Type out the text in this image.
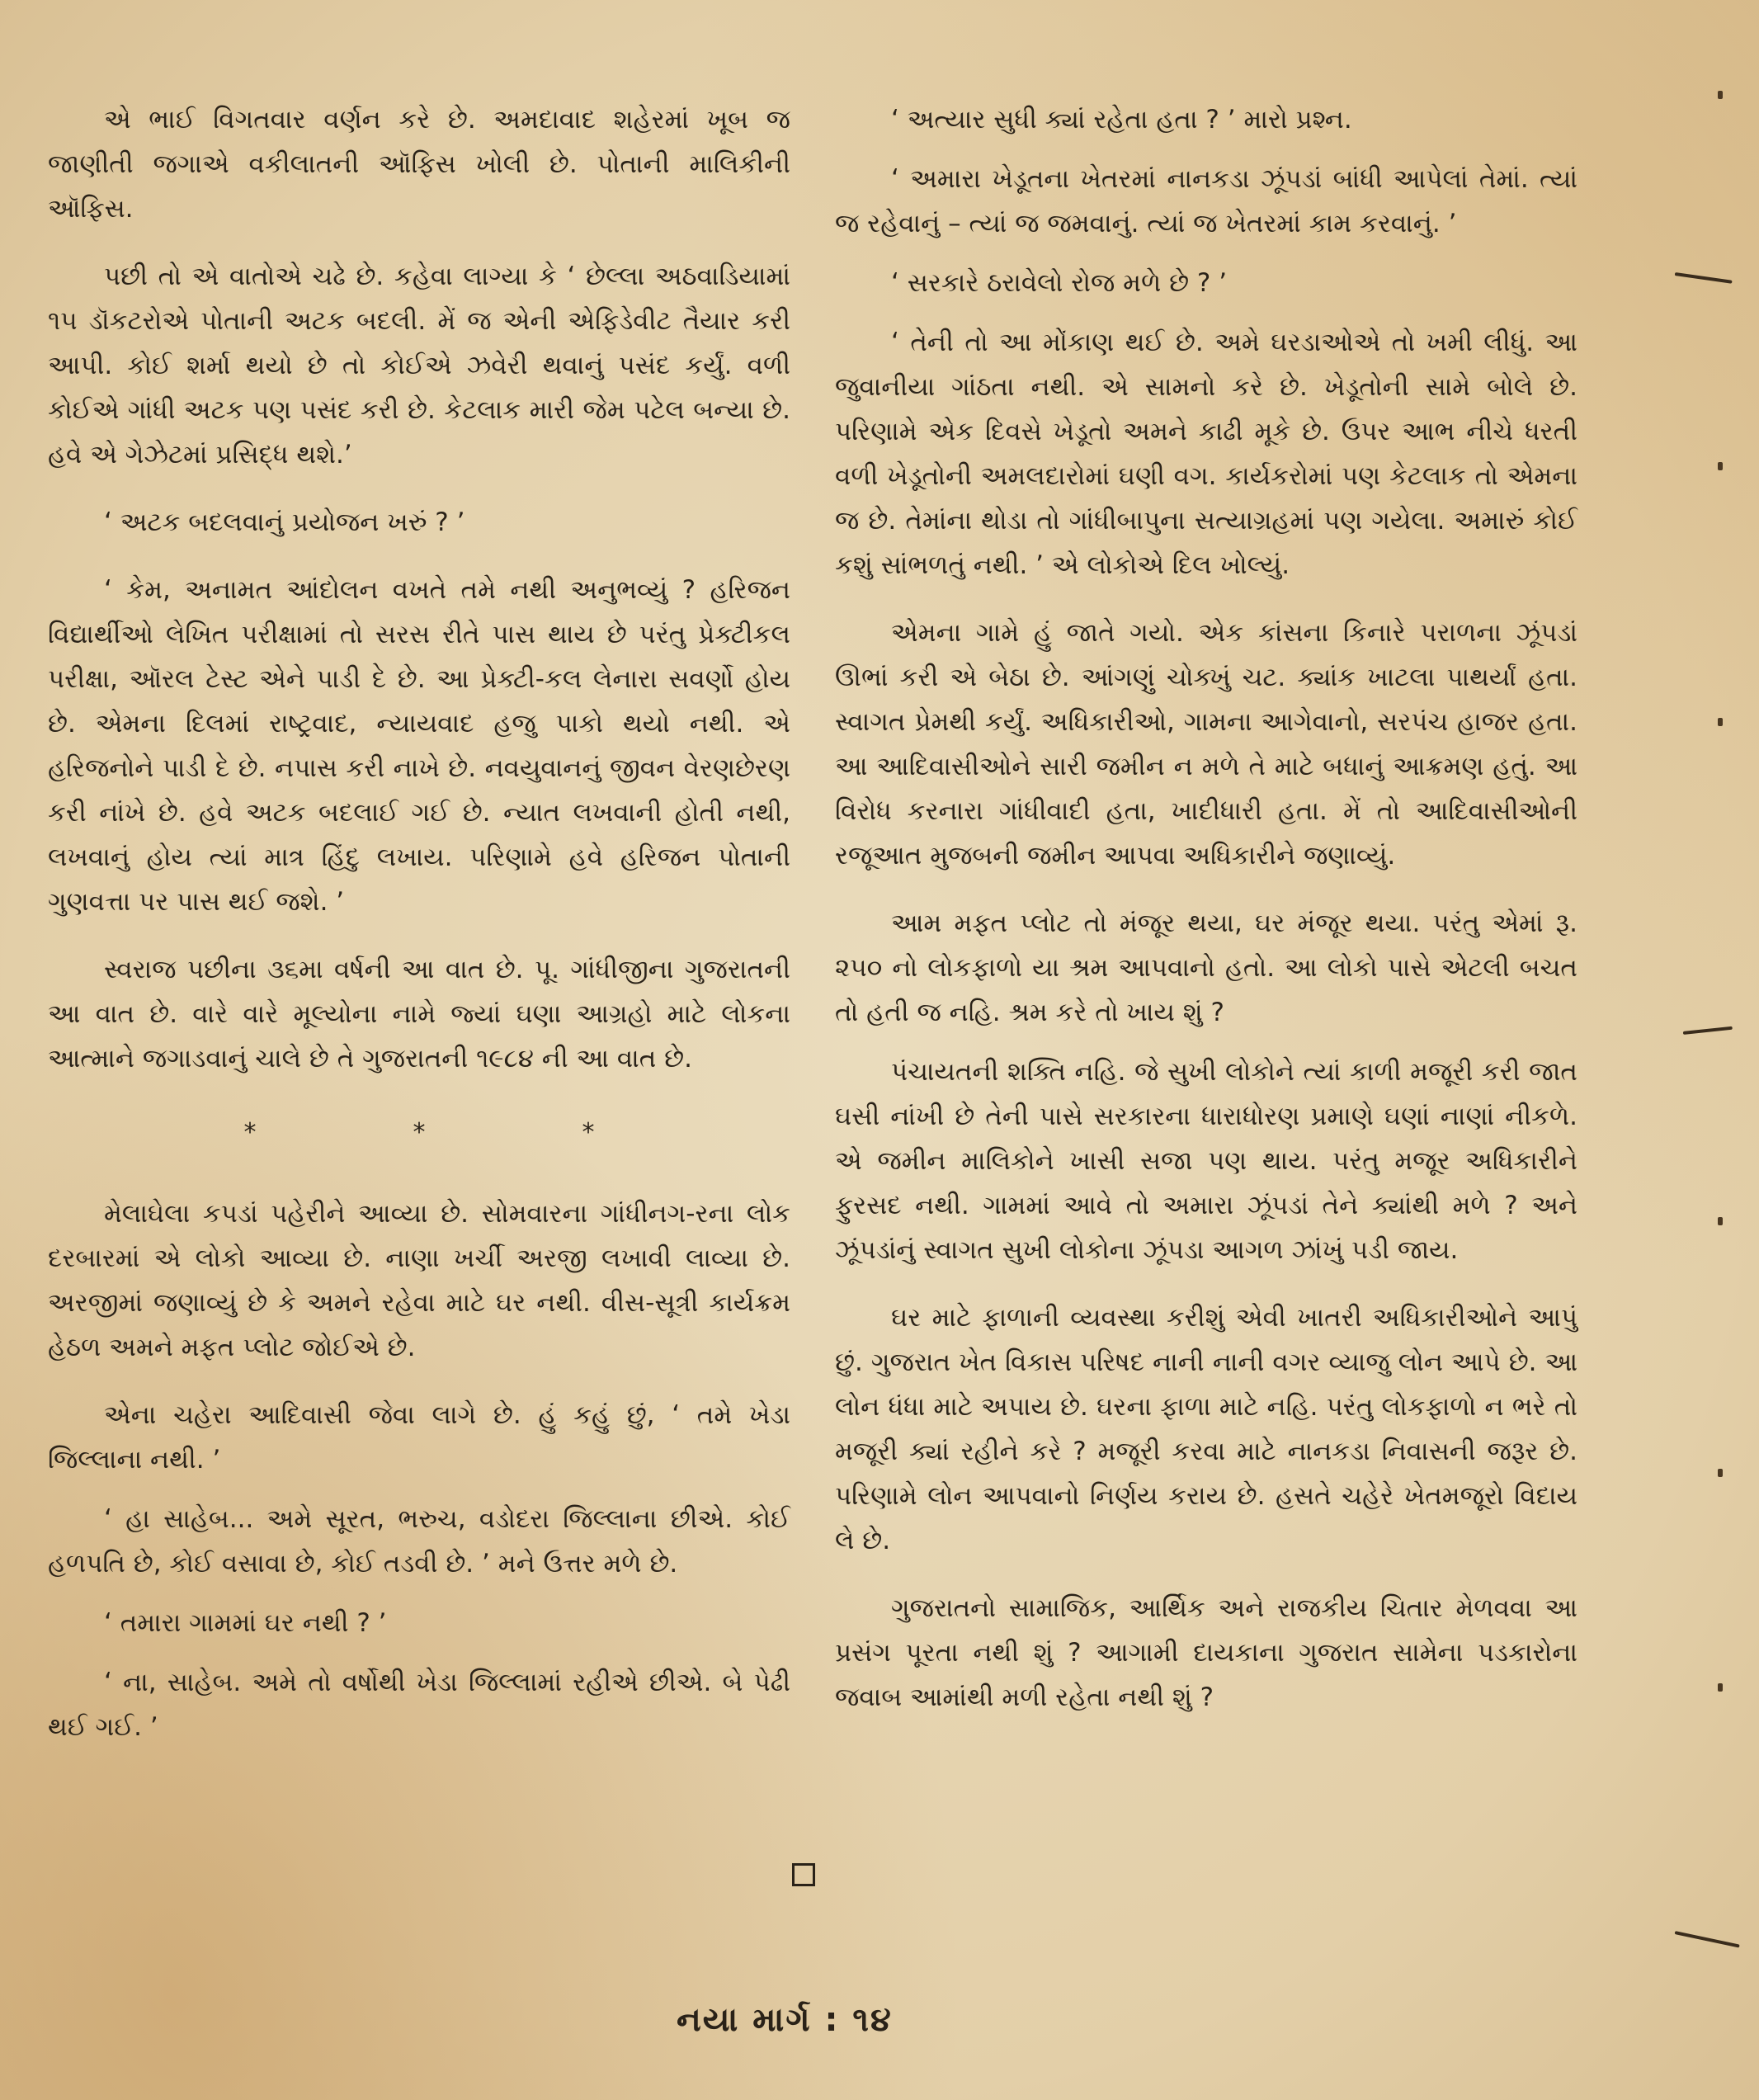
એ ભાઈ વિગતવાર વર્ણન કરે છે. અમદાવાદ શહેરમાં ખૂબ જ જાણીતી જગાએ વકીલાતની ઑફિસ ખોલી છે. પોતાની માલિકીની ઑફિસ.

પછી તો એ વાતોએ ચઢે છે. કહેવા લાગ્યા કે ‘ છેલ્લા અઠવાડિયામાં ૧૫ ડૉકટરોએ પોતાની અટક બદલી. મેં જ એની એફિડેવીટ તૈયાર કરી આપી. કોઈ શર્મા થયો છે તો કોઈએ ઝવેરી થવાનું પસંદ કર્યું. વળી કોઈએ ગાંધી અટક પણ પસંદ કરી છે. કેટલાક મારી જેમ પટેલ બન્યા છે. હવે એ ગેઝેટમાં પ્રસિદ્ધ થશે.’

‘ અટક બદલવાનું પ્રયોજન ખરું ? ’

‘ કેમ, અનામત આંદોલન વખતે તમે નથી અનુભવ્યું ? હરિજન વિદ્યાર્થીઓ લેખિત પરીક્ષામાં તો સરસ રીતે પાસ થાય છે પરંતુ પ્રેક્ટીકલ પરીક્ષા, ઑરલ ટેસ્ટ એને પાડી દે છે. આ પ્રેક્ટી-કલ લેનારા સવર્ણો હોય છે. એમના દિલમાં રાષ્ટ્રવાદ, ન્યાયવાદ હજુ પાકો થયો નથી. એ હરિજનોને પાડી દે છે. નપાસ કરી નાખે છે. નવયુવાનનું જીવન વેરણછેરણ કરી નાંખે છે. હવે અટક બદલાઈ ગઈ છે. ન્યાત લખવાની હોતી નથી, લખવાનું હોય ત્યાં માત્ર હિંદુ લખાય. પરિણામે હવે હરિજન પોતાની ગુણવત્તા પર પાસ થઈ જશે. ’

સ્વરાજ પછીના ૩૬મા વર્ષની આ વાત છે. પૂ. ગાંધીજીના ગુજરાતની આ વાત છે. વારે વારે મૂલ્યોના નામે જ્યાં ઘણા આગ્રહો માટે લોકના આત્માને જગાડવાનું ચાલે છે તે ગુજરાતની ૧૯૮૪ ની આ વાત છે.

*	*	*

મેલાઘેલા કપડાં પહેરીને આવ્યા છે. સોમવારના ગાંધીનગ-રના લોક દરબારમાં એ લોકો આવ્યા છે. નાણા ખર્ચી અરજી લખાવી લાવ્યા છે. અરજીમાં જણાવ્યું છે કે અમને રહેવા માટે ઘર નથી. વીસ-સૂત્રી કાર્યક્રમ હેઠળ અમને મફત પ્લોટ જોઈએ છે.

એના ચહેરા આદિવાસી જેવા લાગે છે. હું કહું છું, ‘ તમે ખેડા જિલ્લાના નથી. ’

‘ હા સાહેબ... અમે સૂરત, ભરુચ, વડોદરા જિલ્લાના છીએ. કોઈ હળપતિ છે, કોઈ વસાવા છે, કોઈ તડવી છે. ’ મને ઉત્તર મળે છે.

‘ તમારા ગામમાં ઘર નથી ? ’

‘ ના, સાહેબ. અમે તો વર્ષોથી ખેડા જિલ્લામાં રહીએ છીએ. બે પેઢી થઈ ગઈ. ’

‘ અત્યાર સુધી ક્યાં રહેતા હતા ? ’ મારો પ્રશ્ન.

‘ અમારા ખેડૂતના ખેતરમાં નાનકડા ઝૂંપડાં બાંધી આપેલાં તેમાં. ત્યાં જ રહેવાનું – ત્યાં જ જમવાનું. ત્યાં જ ખેતરમાં કામ કરવાનું. ’

‘ સરકારે ઠરાવેલો રોજ મળે છે ? ’

‘ તેની તો આ મોંકાણ થઈ છે. અમે ઘરડાઓએ તો ખમી લીધું. આ જુવાનીયા ગાંઠતા નથી. એ સામનો કરે છે. ખેડૂતોની સામે બોલે છે. પરિણામે એક દિવસે ખેડૂતો અમને કાઢી મૂકે છે. ઉપર આભ નીચે ધરતી વળી ખેડૂતોની અમલદારોમાં ઘણી વગ. કાર્યકરોમાં પણ કેટલાક તો એમના જ છે. તેમાંના થોડા તો ગાંધીબાપુના સત્યાગ્રહમાં પણ ગયેલા. અમારું કોઈ કશું સાંભળતું નથી. ’ એ લોકોએ દિલ ખોલ્યું.

એમના ગામે હું જાતે ગયો. એક કાંસના કિનારે પરાળના ઝૂંપડાં ઊભાં કરી એ બેઠા છે. આંગણું ચોક્ખું ચટ. ક્યાંક ખાટલા પાથર્યાં હતા. સ્વાગત પ્રેમથી કર્યું. અધિકારીઓ, ગામના આગેવાનો, સરપંચ હાજર હતા. આ આદિવાસીઓને સારી જમીન ન મળે તે માટે બધાનું આક્રમણ હતું. આ વિરોધ કરનારા ગાંધીવાદી હતા, ખાદીધારી હતા. મેં તો આદિવાસીઓની રજૂઆત મુજબની જમીન આપવા અધિકારીને જણાવ્યું.

આમ મફત પ્લોટ તો મંજૂર થયા, ઘર મંજૂર થયા. પરંતુ એમાં રૂ. ૨૫૦ નો લોકફાળો યા શ્રમ આપવાનો હતો. આ લોકો પાસે એટલી બચત તો હતી જ નહિ. શ્રમ કરે તો ખાય શું ?

પંચાયતની શક્તિ નહિ. જે સુખી લોકોને ત્યાં કાળી મજૂરી કરી જાત ઘસી નાંખી છે તેની પાસે સરકારના ધારાધોરણ પ્રમાણે ઘણાં નાણાં નીકળે. એ જમીન માલિકોને ખાસી સજા પણ થાય. પરંતુ મજૂર અધિકારીને ફુરસદ નથી. ગામમાં આવે તો અમારા ઝૂંપડાં તેને ક્યાંથી મળે ? અને ઝૂંપડાંનું સ્વાગત સુખી લોકોના ઝૂંપડા આગળ ઝાંખું પડી જાય.

ઘર માટે ફાળાની વ્યવસ્થા કરીશું એવી ખાતરી અધિકારીઓને આપું છું. ગુજરાત ખેત વિકાસ પરિષદ નાની નાની વગર વ્યાજુ લોન આપે છે. આ લોન ધંધા માટે અપાય છે. ઘરના ફાળા માટે નહિ. પરંતુ લોકફાળો ન ભરે તો મજૂરી ક્યાં રહીને કરે ? મજૂરી કરવા માટે નાનકડા નિવાસની જરૂર છે. પરિણામે લોન આપવાનો નિર્ણય કરાય છે. હસતે ચહેરે ખેતમજૂરો વિદાય લે છે.

ગુજરાતનો સામાજિક, આર્થિક અને રાજકીય ચિતાર મેળવવા આ પ્રસંગ પૂરતા નથી શું ? આગામી દાયકાના ગુજરાત સામેના પડકારોના જવાબ આમાંથી મળી રહેતા નથી શું ?

નયા માર્ગ : ૧૪
